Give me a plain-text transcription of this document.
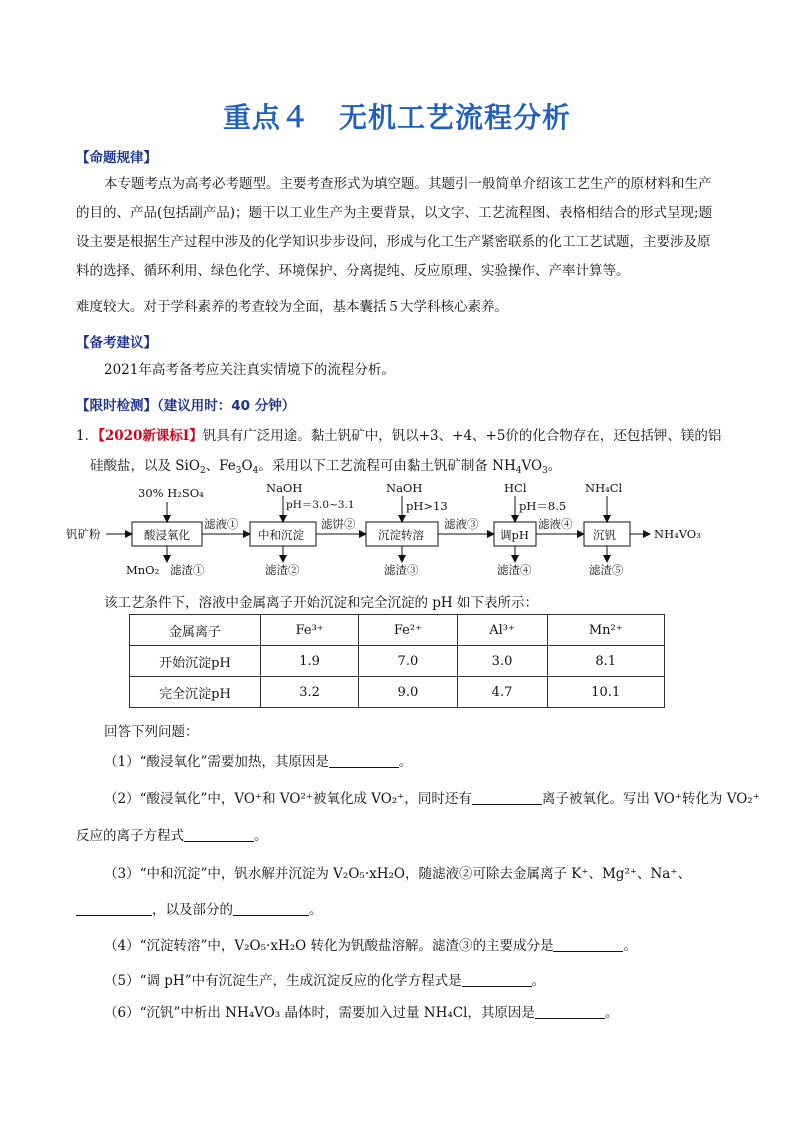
重点４　无机工艺流程分析
【命题规律】
本专题考点为高考必考题型。主要考查形式为填空题。其题引一般简单介绍该工艺生产的原材料和生产的目的、产品(包括副产品)；题干以工业生产为主要背景，以文字、工艺流程图、表格相结合的形式呈现;题设主要是根据生产过程中涉及的化学知识步步设问，形成与化工生产紧密联系的化工工艺试题，主要涉及原料的选择、循环利用、绿色化学、环境保护、分离提纯、反应原理、实验操作、产率计算等。
难度较大。对于学科素养的考查较为全面，基本囊括５大学科核心素养。
【备考建议】
2021年高考备考应关注真实情境下的流程分析。
【限时检测】（建议用时：40 分钟）
1．【2020新课标Ⅰ】钒具有广泛用途。黏土钒矿中，钒以+3、+4、+5价的化合物存在，还包括钾、镁的铝
硅酸盐，以及 SiO$_2$、$Fe_3O_4$。采用以下工艺流程可由黏土钒矿制备 $NH_4VO_3$。
钒矿粉
30% H₂SO₄
酸浸氧化
MnO₂ 滤渣①
滤液①
NaOH
pH＝3.0~3.1
中和沉淀
滤渣②
滤饼②
NaOH
pH>13
沉淀转溶
滤渣③
滤液③
HCl
pH＝8.5
调pH
滤渣④
滤液④
NH₄Cl
沉钒
滤渣⑤
NH₄VO₃
该工艺条件下，溶液中金属离子开始沉淀和完全沉淀的 pH 如下表所示：
金属离子	Fe³⁺	Fe²⁺	Al³⁺	Mn²⁺
开始沉淀pH	1.9	7.0	3.0	8.1
完全沉淀pH	3.2	9.0	4.7	10.1
回答下列问题：
（1）“酸浸氧化”需要加热，其原因是	。
（2）“酸浸氧化”中，VO⁺和 VO²⁺被氧化成 VO₂⁺，同时还有	离子被氧化。写出 VO⁺转化为 VO₂⁺
反应的离子方程式	。
（3）“中和沉淀”中，钒水解并沉淀为 V₂O₅·xH₂O，随滤液②可除去金属离子 K⁺、Mg²⁺、Na⁺、
，以及部分的	。
（4）“沉淀转溶”中，V₂O₅·xH₂O 转化为钒酸盐溶解。滤渣③的主要成分是	。
（5）“调 pH”中有沉淀生产，生成沉淀反应的化学方程式是	。
（6）“沉钒”中析出 NH₄VO₃ 晶体时，需要加入过量 NH₄Cl，其原因是	。
